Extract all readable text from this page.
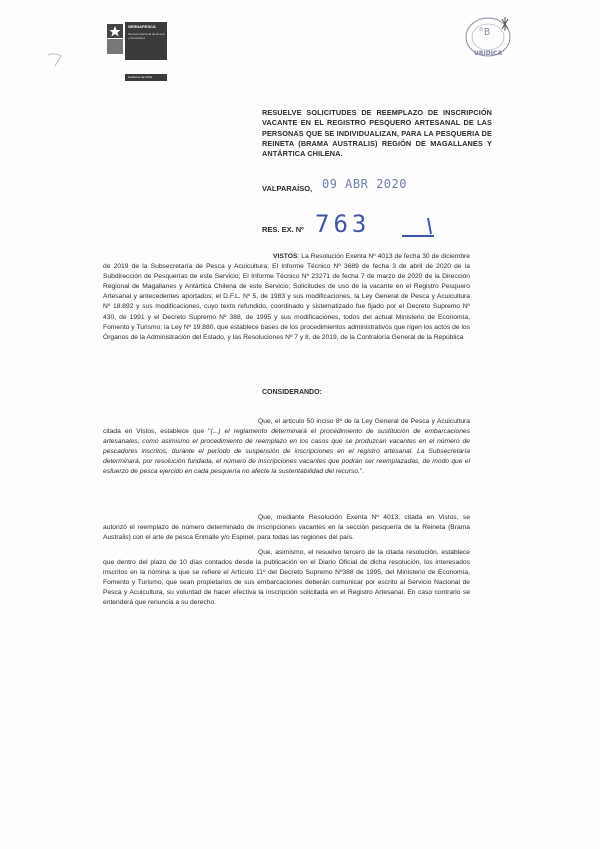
SERNAPESCA
Servicio Nacional de Pesca y Acuicultura
Gobierno de Chile
URIDICA
°B
RESUELVE SOLICITUDES DE REEMPLAZO DE INSCRIPCIÓN VACANTE EN EL REGISTRO PESQUERO ARTESANAL DE LAS PERSONAS QUE SE INDIVIDUALIZAN, PARA LA PESQUERIA DE REINETA (BRAMA AUSTRALIS) REGIÓN DE MAGALLANES Y ANTÁRTICA CHILENA.
VALPARAÍSO, 09 ABR 2020
RES. EX. Nº 763
VISTOS: La Resolución Exenta Nº 4013 de fecha 30 de diciembre de 2019 de la Subsecretaría de Pesca y Acuicultura; El Informe Técnico Nº 3689 de fecha 3 de abril de 2020 de la Subdirección de Pesquerías de este Servicio; El Informe Técnico Nº 23271 de fecha 7 de marzo de 2020 de la Dirección Regional de Magallanes y Antártica Chilena de este Servicio; Solicitudes de uso de la vacante en el Registro Pesquero Artesanal y antecedentes aportados; el D.F.L. Nº 5, de 1983 y sus modificaciones, la Ley General de Pesca y Acuicultura Nº 18.892 y sus modificaciones, cuyo texto refundido, coordinado y sistematizado fue fijado por el Decreto Supremo Nº 430, de 1991 y el Decreto Supremo Nº 388, de 1995 y sus modificaciones, todos del actual Ministerio de Economía, Fomento y Turismo; la Ley Nº 19.880, que establece bases de los procedimientos administrativos que rigen los actos de los Órganos de la Administración del Estado, y las Resoluciones Nº 7 y 8, de 2019, de la Contraloría General de la República
CONSIDERANDO:
Que, el artículo 50 inciso 8º de la Ley General de Pesca y Acuicultura citada en Vistos, establece que "(...) el reglamento determinará el procedimiento de sustitución de embarcaciones artesanales, como asimismo el procedimiento de reemplazo en los casos que se produzcan vacantes en el número de pescadores inscritos, durante el período de suspensión de inscripciones en el registro artesanal. La Subsecretaría determinará, por resolución fundada, el número de inscripciones vacantes que podrán ser reemplazadas, de modo que el esfuerzo de pesca ejercido en cada pesquería no afecte la sustentabilidad del recurso.".
Que, mediante Resolución Exenta Nº 4013, citada en Vistos, se autorizó el reemplazo de número determinado de inscripciones vacantes en la sección pesquería de la Reineta (Brama Australis) con el arte de pesca Enmalle y/o Espinel, para todas las regiones del país.
Que, asimismo, el resuelvo tercero de la citada resolución, establece que dentro del plazo de 10 días contados desde la publicación en el Diario Oficial de dicha resolución, los interesados inscritos en la nómina a que se refiere el Artículo 11º del Decreto Supremo Nº388 de 1995, del Ministerio de Economía, Fomento y Turismo, que sean propietarios de sus embarcaciones deberán comunicar por escrito al Servicio Nacional de Pesca y Acuicultura, su voluntad de hacer efectiva la inscripción solicitada en el Registro Artesanal. En caso contrario se entenderá que renuncia a su derecho.
